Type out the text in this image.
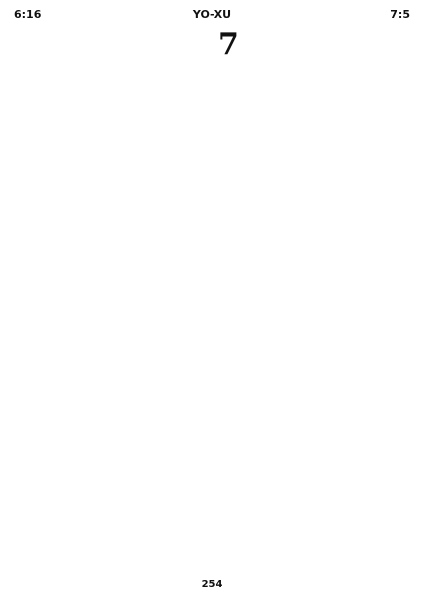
6:16	YO-XU	7:5
7
254
